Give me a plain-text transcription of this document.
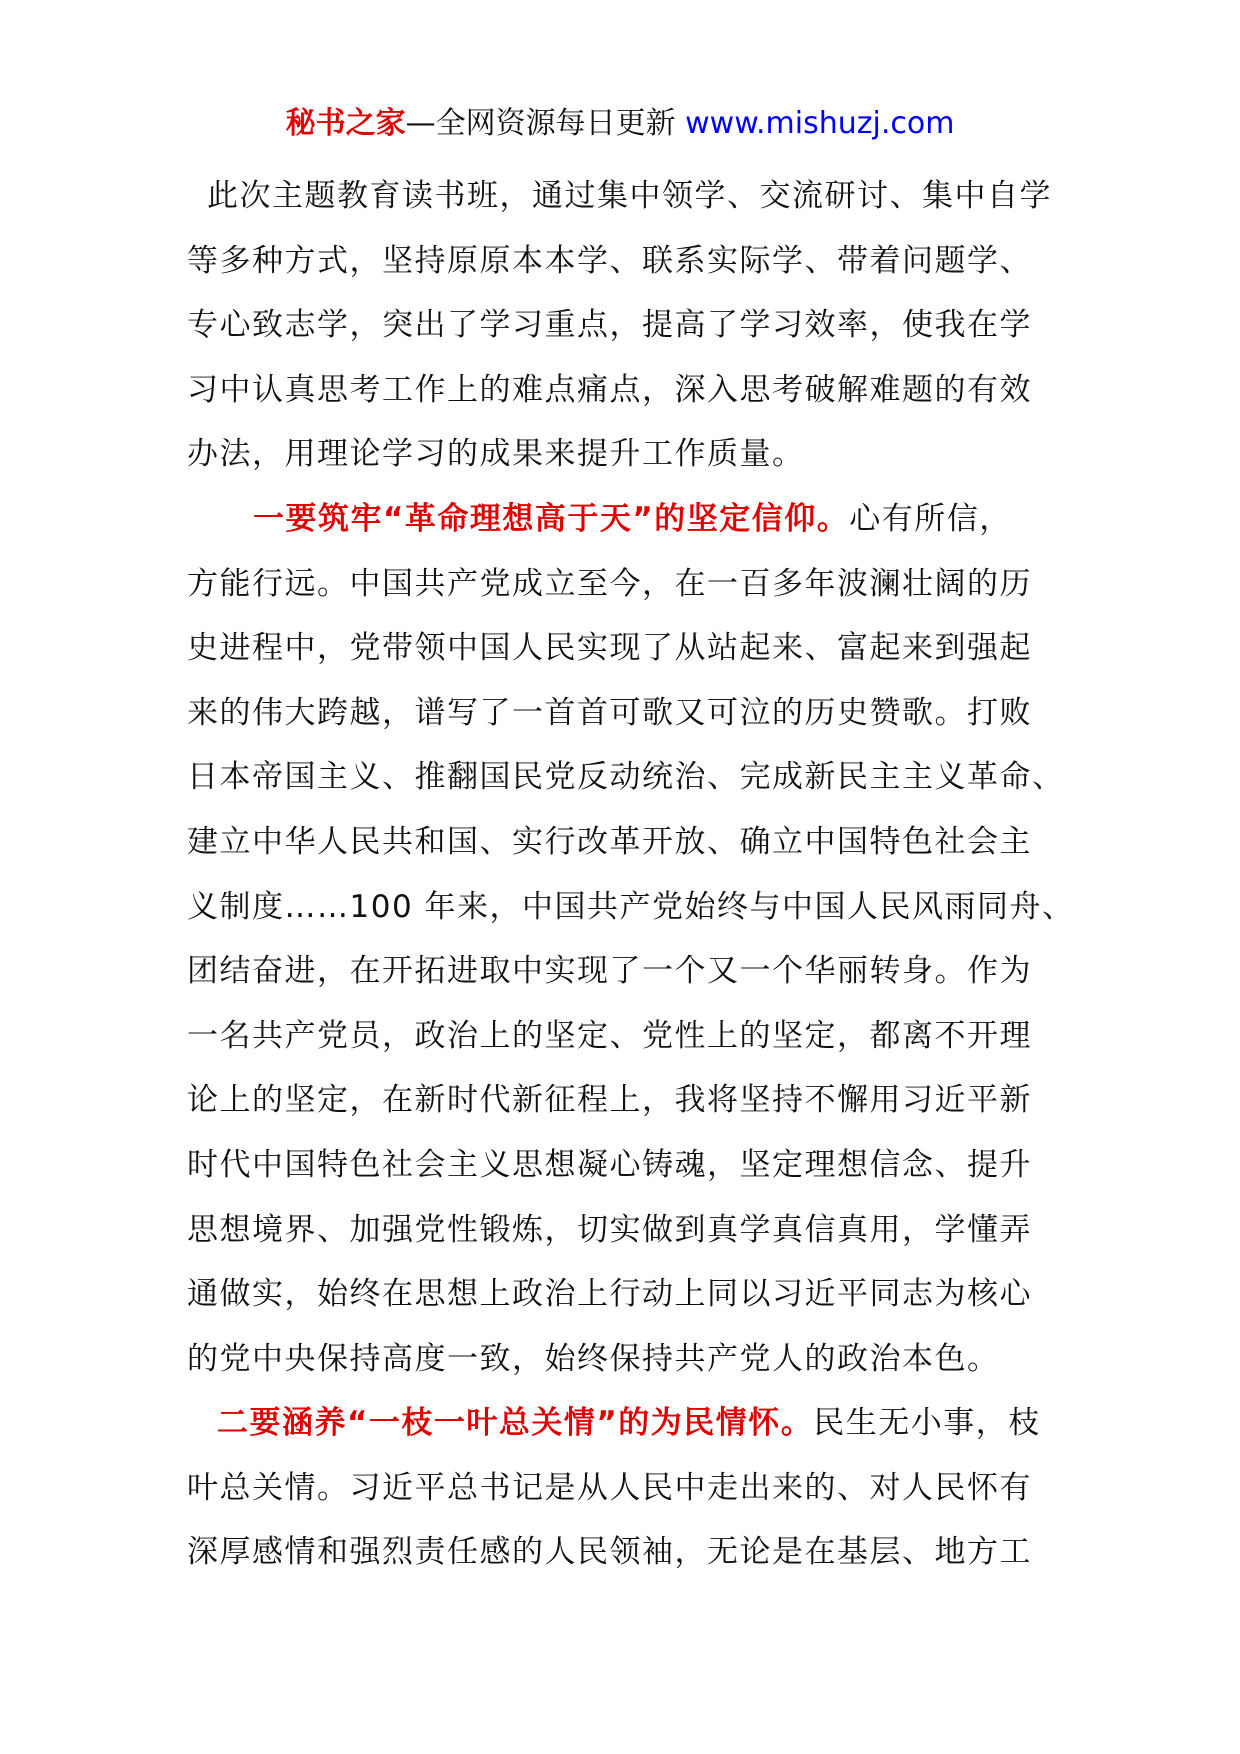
秘书之家—全网资源每日更新 www.mishuzj.com
此次主题教育读书班，通过集中领学、交流研讨、集中自学
等多种方式，坚持原原本本学、联系实际学、带着问题学、
专心致志学，突出了学习重点，提高了学习效率，使我在学
习中认真思考工作上的难点痛点，深入思考破解难题的有效
办法，用理论学习的成果来提升工作质量。
一要筑牢“革命理想高于天”的坚定信仰。心有所信，
方能行远。中国共产党成立至今，在一百多年波澜壮阔的历
史进程中，党带领中国人民实现了从站起来、富起来到强起
来的伟大跨越，谱写了一首首可歌又可泣的历史赞歌。打败
日本帝国主义、推翻国民党反动统治、完成新民主主义革命、
建立中华人民共和国、实行改革开放、确立中国特色社会主
义制度……100 年来，中国共产党始终与中国人民风雨同舟、
团结奋进，在开拓进取中实现了一个又一个华丽转身。作为
一名共产党员，政治上的坚定、党性上的坚定，都离不开理
论上的坚定，在新时代新征程上，我将坚持不懈用习近平新
时代中国特色社会主义思想凝心铸魂，坚定理想信念、提升
思想境界、加强党性锻炼，切实做到真学真信真用，学懂弄
通做实，始终在思想上政治上行动上同以习近平同志为核心
的党中央保持高度一致，始终保持共产党人的政治本色。
二要涵养“一枝一叶总关情”的为民情怀。民生无小事，枝
叶总关情。习近平总书记是从人民中走出来的、对人民怀有
深厚感情和强烈责任感的人民领袖，无论是在基层、地方工
